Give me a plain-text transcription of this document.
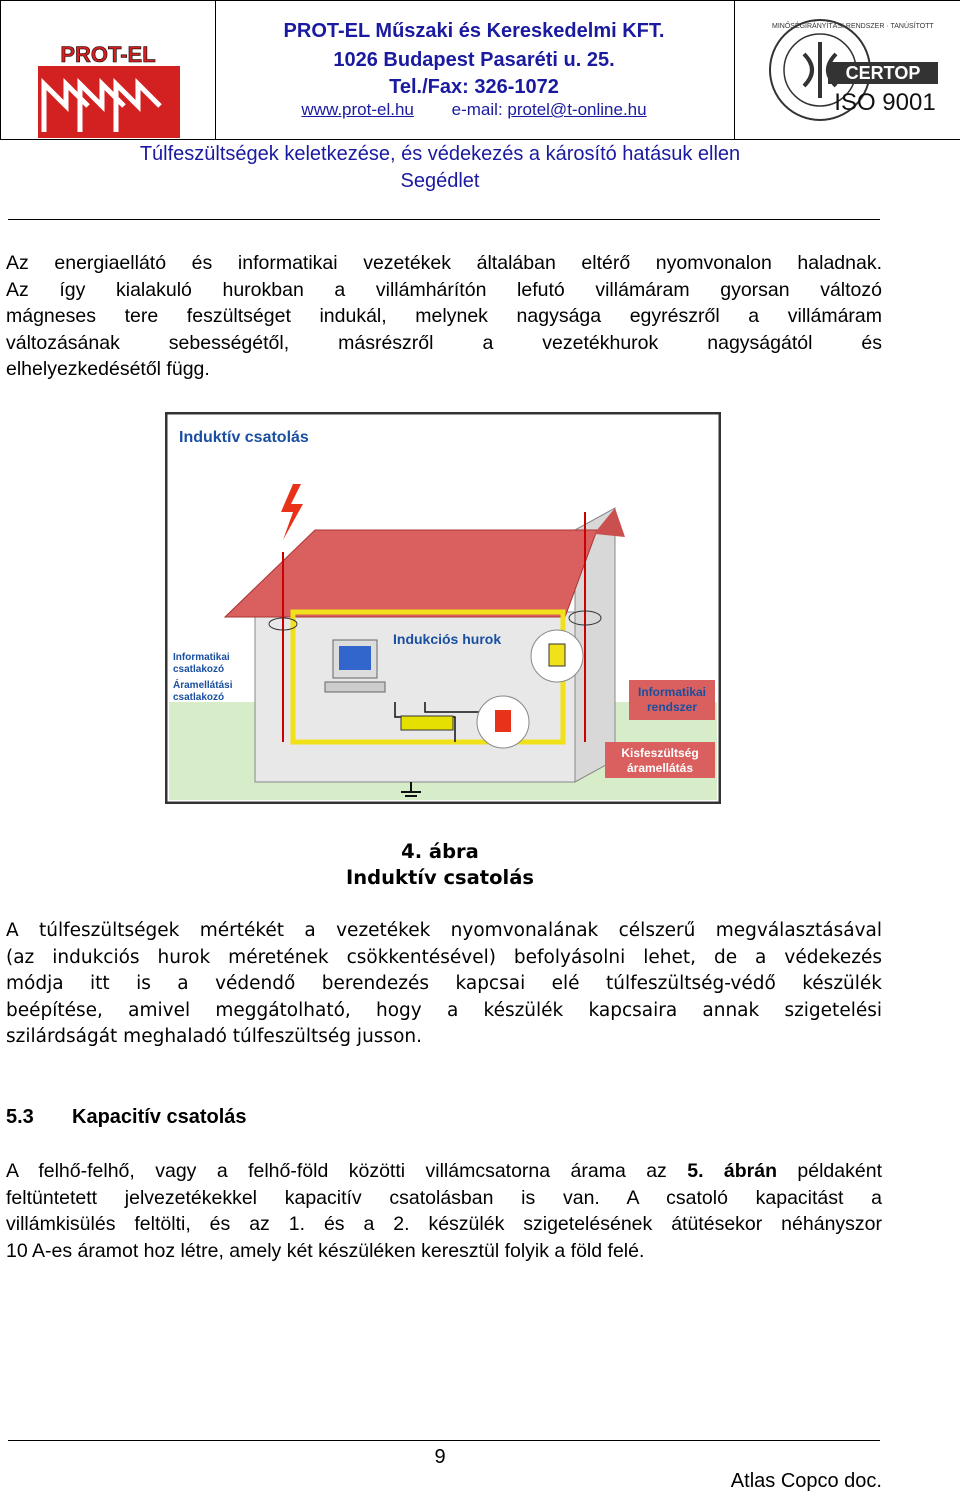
PROT-EL
PROT-EL Műszaki és Kereskedelmi KFT.
1026 Budapest Pasaréti u. 25.
Tel./Fax: 326-1072
www.prot-el.hu e-mail: protel@t-online.hu
CERTOP
ISO 9001
MINŐSÉGIRÁNYÍTÁSI RENDSZER · TANÚSÍTOTT
Túlfeszültségek keletkezése, és védekezés a károsító hatásuk ellen
Segédlet
Az energiaellátó és informatikai vezetékek általában eltérő nyomvonalon haladnak.
Az így kialakuló hurokban a villámhárítón lefutó villámáram gyorsan változó
mágneses tere feszültséget indukál, melynek nagysága egyrészről a villámáram
változásának sebességétől, másrészről a vezetékhurok nagyságától és
elhelyezkedésétől függ.
Induktív csatolás
Indukciós hurok
Informatikai
csatlakozó
Áramellátási
csatlakozó	Informatikai
rendszer
Kisfeszültség
áramellátás
4. ábra
Induktív csatolás
A túlfeszültségek mértékét a vezetékek nyomvonalának célszerű megválasztásával
(az indukciós hurok méretének csökkentésével) befolyásolni lehet, de a védekezés
módja itt is a védendő berendezés kapcsai elé túlfeszültség-védő készülék
beépítése, amivel meggátolható, hogy a készülék kapcsaira annak szigetelési
szilárdságát meghaladó túlfeszültség jusson.
5.3 Kapacitív csatolás
A felhő-felhő, vagy a felhő-föld közötti villámcsatorna árama az 5. ábrán példaként
feltüntetett jelvezetékekkel kapacitív csatolásban is van. A csatoló kapacitást a
villámkisülés feltölti, és az 1. és a 2. készülék szigetelésének átütésekor néhányszor
10 A-es áramot hoz létre, amely két készüléken keresztül folyik a föld felé.
9
Atlas Copco doc.
